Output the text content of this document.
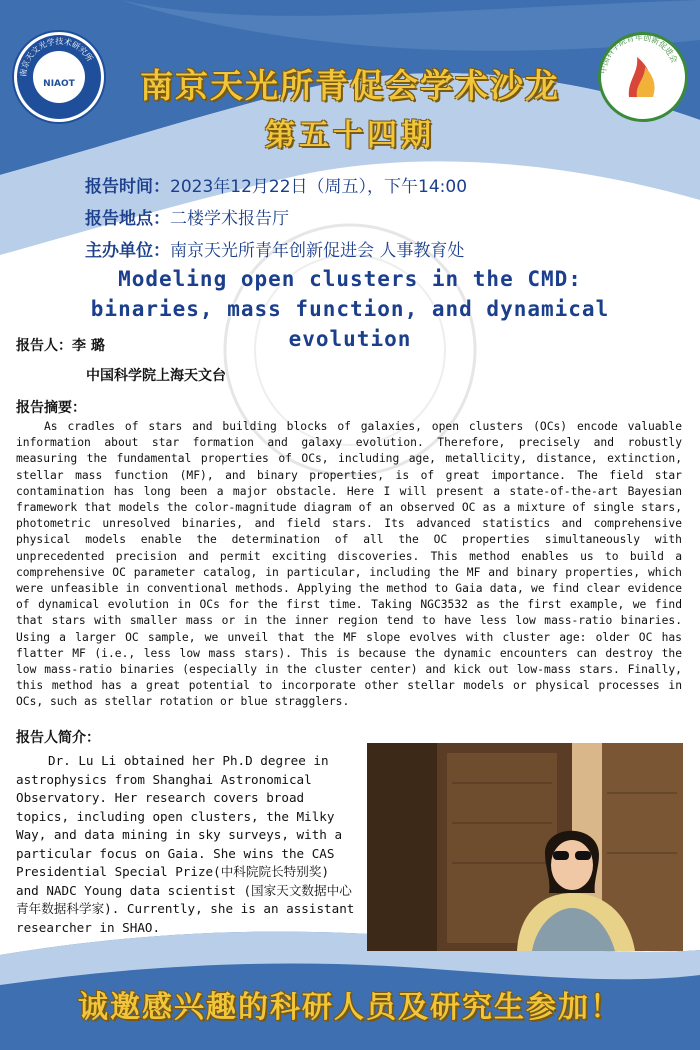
NIAOT
南京天文光学技术研究所
中国科学院青年创新促进会
南京天光所青促会学术沙龙
第五十四期
报告时间：2023年12月22日（周五），下午14:00
报告地点：二楼学术报告厅
主办单位：南京天光所青年创新促进会 人事教育处
Modeling open clusters in the CMD:
binaries, mass function, and dynamical
evolution
报告人：李 璐
中国科学院上海天文台
报告摘要：
As cradles of stars and building blocks of galaxies, open clusters (OCs) encode valuable information about star formation and galaxy evolution. Therefore, precisely and robustly measuring the fundamental properties of OCs, including age, metallicity, distance, extinction, stellar mass function (MF), and binary properties, is of great importance. The field star contamination has long been a major obstacle. Here I will present a state-of-the-art Bayesian framework that models the color-magnitude diagram of an observed OC as a mixture of single stars, photometric unresolved binaries, and field stars. Its advanced statistics and comprehensive physical models enable the determination of all the OC properties simultaneously with unprecedented precision and permit exciting discoveries. This method enables us to build a comprehensive OC parameter catalog, in particular, including the MF and binary properties, which were unfeasible in conventional methods. Applying the method to Gaia data, we find clear evidence of dynamical evolution in OCs for the first time. Taking NGC3532 as the first example, we find that stars with smaller mass or in the inner region tend to have less low mass-ratio binaries. Using a larger OC sample, we unveil that the MF slope evolves with cluster age: older OC has flatter MF (i.e., less low mass stars). This is because the dynamic encounters can destroy the low mass-ratio binaries (especially in the cluster center) and kick out low-mass stars. Finally, this method has a great potential to incorporate other stellar models or physical processes in OCs, such as stellar rotation or blue stragglers.
报告人简介：
Dr. Lu Li obtained her Ph.D degree in astrophysics from Shanghai Astronomical Observatory. Her research covers broad topics, including open clusters, the Milky Way, and data mining in sky surveys, with a particular focus on Gaia. She wins the CAS Presidential Special Prize(中科院院长特别奖) and NADC Young data scientist (国家天文数据中心青年数据科学家). Currently, she is an assistant researcher in SHAO.
诚邀感兴趣的科研人员及研究生参加！
